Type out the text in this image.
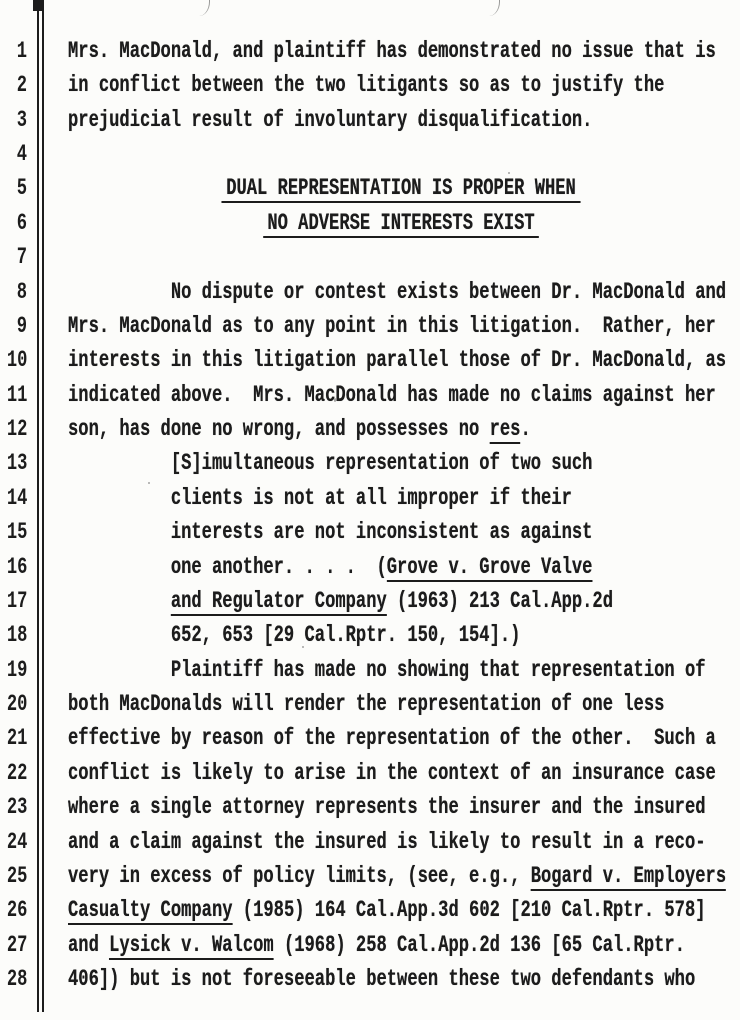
1
2
3
4
5
6
7
8
9
10
11
12
13
14
15
16
17
18
19
20
21
22
23
24
25
26
27
28
Mrs. MacDonald, and plaintiff has demonstrated no issue that is
in conflict between the two litigants so as to justify the
prejudicial result of involuntary disqualification.
DUAL REPRESENTATION IS PROPER WHEN
NO ADVERSE INTERESTS EXIST
No dispute or contest exists between Dr. MacDonald and
Mrs. MacDonald as to any point in this litigation.  Rather, her
interests in this litigation parallel those of Dr. MacDonald, as
indicated above.  Mrs. MacDonald has made no claims against her
son, has done no wrong, and possesses no res.
[S]imultaneous representation of two such
clients is not at all improper if their
interests are not inconsistent as against
one another. . . .  (Grove v. Grove Valve
and Regulator Company (1963) 213 Cal.App.2d
652, 653 [29 Cal.Rptr. 150, 154].)
Plaintiff has made no showing that representation of
both MacDonalds will render the representation of one less
effective by reason of the representation of the other.  Such a
conflict is likely to arise in the context of an insurance case
where a single attorney represents the insurer and the insured
and a claim against the insured is likely to result in a reco-
very in excess of policy limits, (see, e.g., Bogard v. Employers
Casualty Company (1985) 164 Cal.App.3d 602 [210 Cal.Rptr. 578]
and Lysick v. Walcom (1968) 258 Cal.App.2d 136 [65 Cal.Rptr.
406]) but is not foreseeable between these two defendants who
